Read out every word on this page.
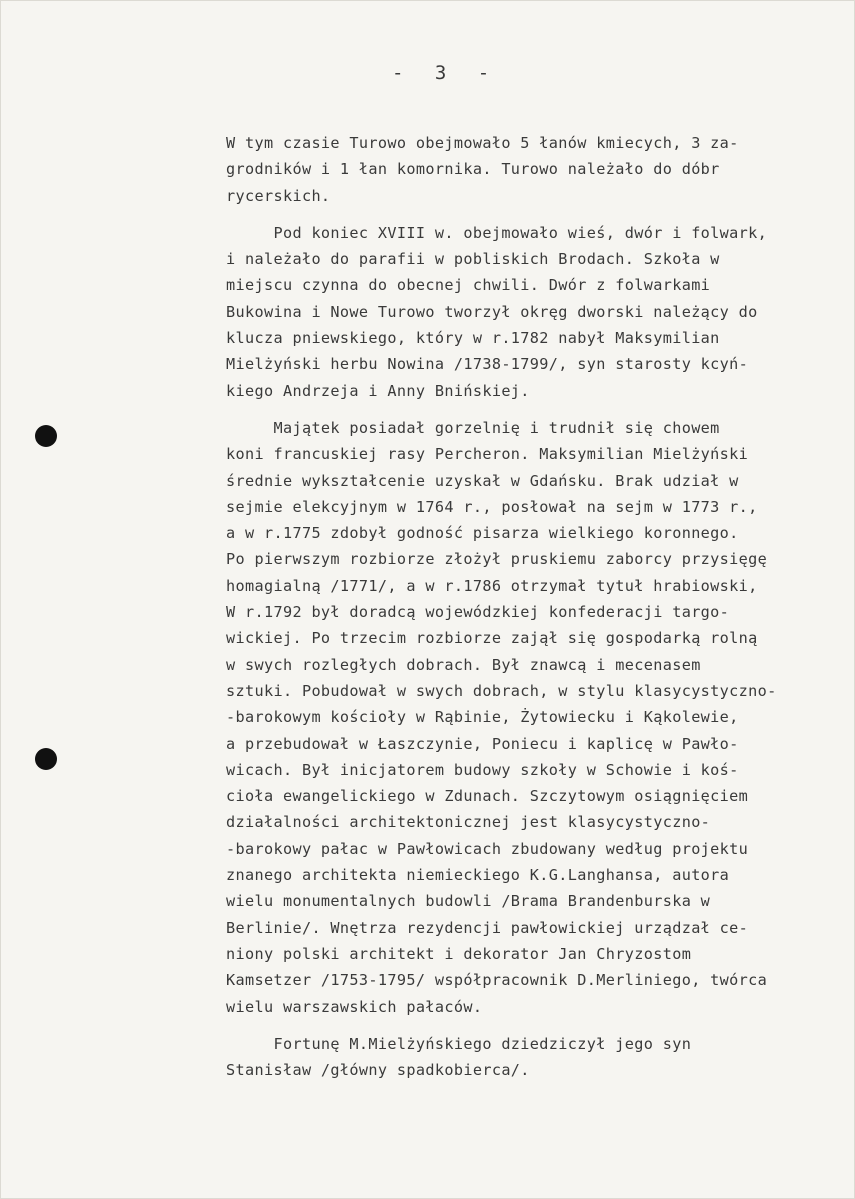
- 3 -
W tym czasie Turowo obejmowało 5 łanów kmiecych, 3 za-
grodników i 1 łan komornika. Turowo należało do dóbr
rycerskich.
Pod koniec XVIII w. obejmowało wieś, dwór i folwark,
i należało do parafii w pobliskich Brodach. Szkoła w
miejscu czynna do obecnej chwili. Dwór z folwarkami
Bukowina i Nowe Turowo tworzył okręg dworski należący do
klucza pniewskiego, który w r.1782 nabył Maksymilian
Mielżyński herbu Nowina /1738-1799/, syn starosty kcyń-
kiego Andrzeja i Anny Bnińskiej.
Majątek posiadał gorzelnię i trudnił się chowem
koni francuskiej rasy Percheron. Maksymilian Mielżyński
średnie wykształcenie uzyskał w Gdańsku. Brak udział w
sejmie elekcyjnym w 1764 r., posłował na sejm w 1773 r.,
a w r.1775 zdobył godność pisarza wielkiego koronnego.
Po pierwszym rozbiorze złożył pruskiemu zaborcy przysięgę
homagialną /1771/, a w r.1786 otrzymał tytuł hrabiowski,
W r.1792 był doradcą wojewódzkiej konfederacji targo-
wickiej. Po trzecim rozbiorze zajął się gospodarką rolną
w swych rozległych dobrach. Był znawcą i mecenasem
sztuki. Pobudował w swych dobrach, w stylu klasycystyczno-
-barokowym kościoły w Rąbinie, Żytowiecku i Kąkolewie,
a przebudował w Łaszczynie, Poniecu i kaplicę w Pawło-
wicach. Był inicjatorem budowy szkoły w Schowie i koś-
cioła ewangelickiego w Zdunach. Szczytowym osiągnięciem
działalności architektonicznej jest klasycystyczno-
-barokowy pałac w Pawłowicach zbudowany według projektu
znanego architekta niemieckiego K.G.Langhansa, autora
wielu monumentalnych budowli /Brama Brandenburska w
Berlinie/. Wnętrza rezydencji pawłowickiej urządzał ce-
niony polski architekt i dekorator Jan Chryzostom
Kamsetzer /1753-1795/ współpracownik D.Merliniego, twórca
wielu warszawskich pałaców.
Fortunę M.Mielżyńskiego dziedziczył jego syn
Stanisław /główny spadkobierca/.
